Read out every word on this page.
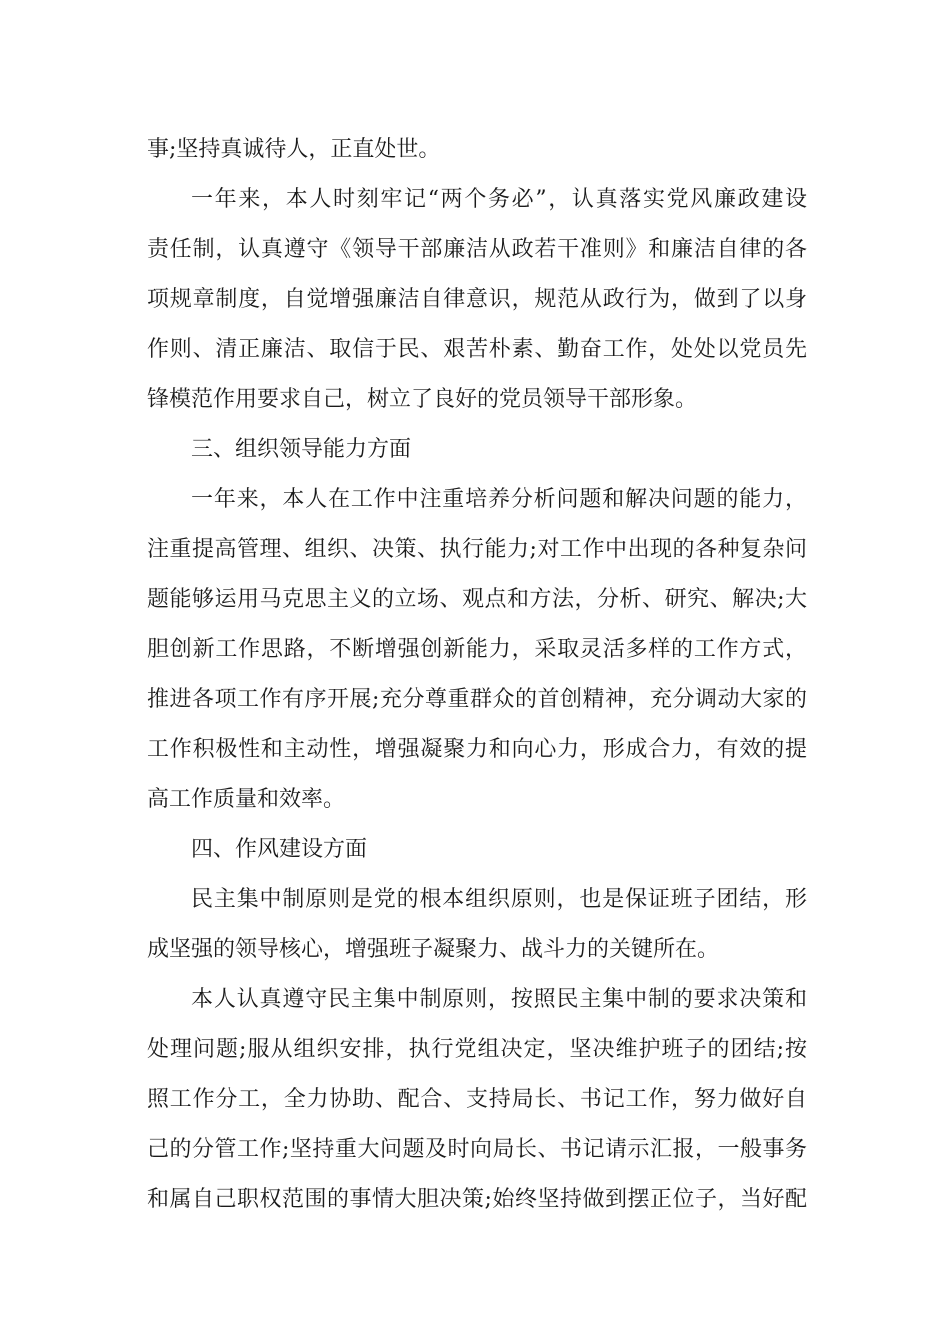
事;坚持真诚待人，正直处世。
一年来，本人时刻牢记“两个务必”，认真落实党风廉政建设
责任制，认真遵守《领导干部廉洁从政若干准则》和廉洁自律的各
项规章制度，自觉增强廉洁自律意识，规范从政行为，做到了以身
作则、清正廉洁、取信于民、艰苦朴素、勤奋工作，处处以党员先
锋模范作用要求自己，树立了良好的党员领导干部形象。
三、组织领导能力方面
一年来，本人在工作中注重培养分析问题和解决问题的能力，
注重提高管理、组织、决策、执行能力;对工作中出现的各种复杂问
题能够运用马克思主义的立场、观点和方法，分析、研究、解决;大
胆创新工作思路，不断增强创新能力，采取灵活多样的工作方式，
推进各项工作有序开展;充分尊重群众的首创精神，充分调动大家的
工作积极性和主动性，增强凝聚力和向心力，形成合力，有效的提
高工作质量和效率。
四、作风建设方面
民主集中制原则是党的根本组织原则，也是保证班子团结，形
成坚强的领导核心，增强班子凝聚力、战斗力的关键所在。
本人认真遵守民主集中制原则，按照民主集中制的要求决策和
处理问题;服从组织安排，执行党组决定，坚决维护班子的团结;按
照工作分工，全力协助、配合、支持局长、书记工作，努力做好自
己的分管工作;坚持重大问题及时向局长、书记请示汇报，一般事务
和属自己职权范围的事情大胆决策;始终坚持做到摆正位子，当好配
